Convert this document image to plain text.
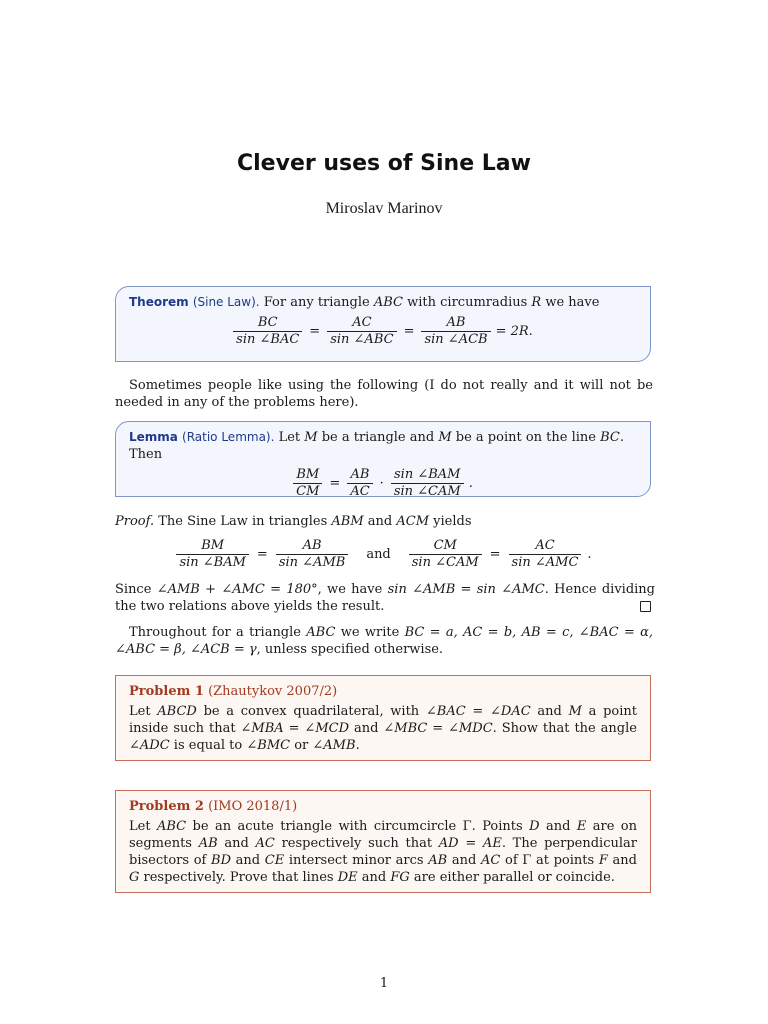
Clever uses of Sine Law
Miroslav Marinov
Theorem (Sine Law). For any triangle ABC with circumradius R we have
$\frac{BC}{\text{sin ∠BAC}} = \frac{AC}{\text{sin ∠ABC}} = \frac{AB}{\text{sin ∠ACB}} = 2R$.
Sometimes people like using the following (I do not really and it will not be needed in any of the problems here).
Lemma (Ratio Lemma). Let M be a triangle and M be a point on the line BC. Then
$\frac{BM}{CM} = \frac{AB}{AC} \cdot \frac{\text{sin ∠BAM}}{\text{sin ∠CAM}}$ .
Proof. The Sine Law in triangles ABM and ACM yields
$\frac{BM}{\text{sin ∠BAM}} = \frac{AB}{\text{sin ∠AMB}}$	and	$\frac{CM}{\text{sin ∠CAM}} = \frac{AC}{\text{sin ∠AMC}}$ .
Since ∠AMB + ∠AMC = 180°, we have sin ∠AMB = sin ∠AMC. Hence dividing the two relations above yields the result.
Throughout for a triangle ABC we write BC = a, AC = b, AB = c, ∠BAC = α, ∠ABC = β, ∠ACB = γ, unless specified otherwise.
Problem 1 (Zhautykov 2007/2)
Let ABCD be a convex quadrilateral, with ∠BAC = ∠DAC and M a point inside such that ∠MBA = ∠MCD and ∠MBC = ∠MDC. Show that the angle ∠ADC is equal to ∠BMC or ∠AMB.
Problem 2 (IMO 2018/1)
Let ABC be an acute triangle with circumcircle Γ. Points D and E are on segments AB and AC respectively such that AD = AE. The perpendicular bisectors of BD and CE intersect minor arcs AB and AC of Γ at points F and G respectively. Prove that lines DE and FG are either parallel or coincide.
1
